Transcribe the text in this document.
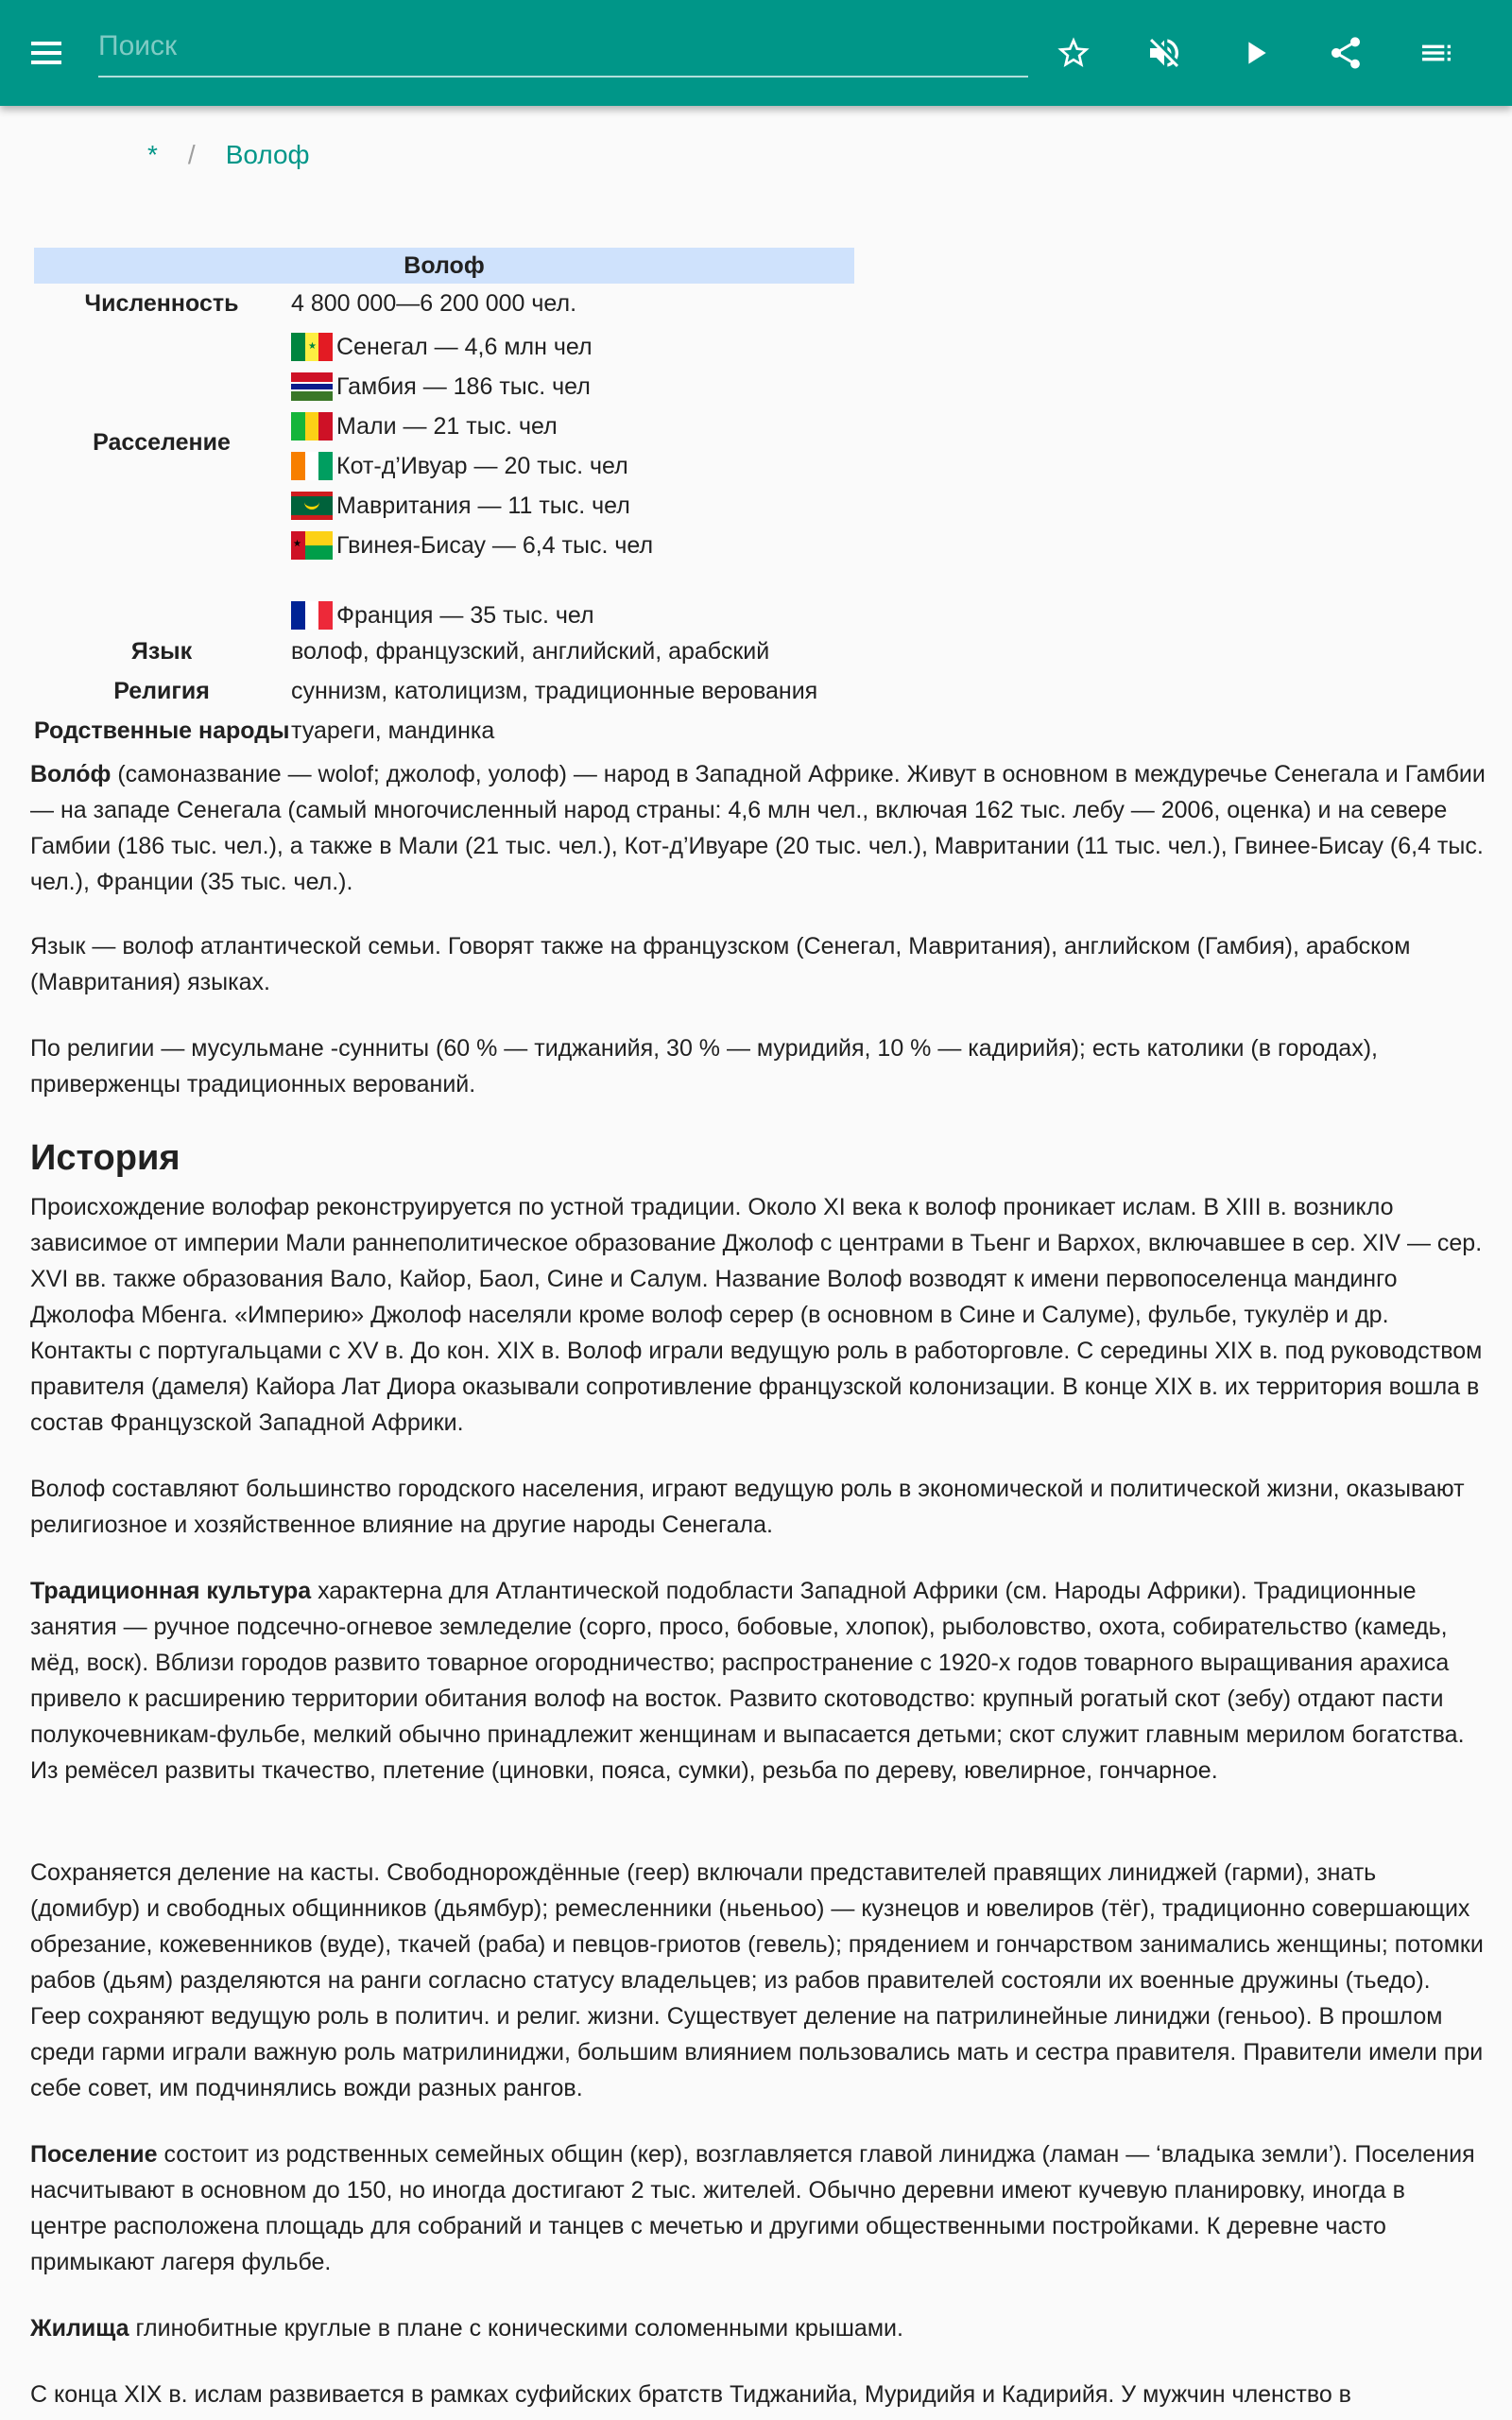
Поиск
* / Волоф
Волоф
Численность	4 800 000—6 200 000 чел.
Расселение
★ Сенегал — 4,6 млн чел
Гамбия — 186 тыс. чел
Мали — 21 тыс. чел
Кот-д’Ивуар — 20 тыс. чел
Мавритания — 11 тыс. чел
★ Гвинея-Бисау — 6,4 тыс. чел
Франция — 35 тыс. чел
Язык	волоф, французский, английский, арабский
Религия	суннизм, католицизм, традиционные верования
Родственные народы туареги, мандинка

Воло́ф (самоназвание — wolof; джолоф, уолоф) — народ в Западной Африке. Живут в основном в междуречье Сенегала и Гамбии — на западе Сенегала (самый многочисленный народ страны: 4,6 млн чел., включая 162 тыс. лебу — 2006, оценка) и на севере Гамбии (186 тыс. чел.), а также в Мали (21 тыс. чел.), Кот-д’Ивуаре (20 тыс. чел.), Мавритании (11 тыс. чел.), Гвинее-Бисау (6,4 тыс. чел.), Франции (35 тыс. чел.).

Язык — волоф атлантической семьи. Говорят также на французском (Сенегал, Мавритания), английском (Гамбия), арабском (Мавритания) языках.

По религии — мусульмане -сунниты (60 % — тиджанийя, 30 % — муридийя, 10 % — кадирийя); есть католики (в городах), приверженцы традиционных верований.

История

Происхождение волофар реконструируется по устной традиции. Около XI века к волоф проникает ислам. В XIII в. возникло зависимое от империи Мали раннеполитическое образование Джолоф с центрами в Тьенг и Вархох, включавшее в сер. XIV — сер. XVI вв. также образования Вало, Кайор, Баол, Сине и Салум. Название Волоф возводят к имени первопоселенца мандинго Джолофа Мбенга. «Империю» Джолоф населяли кроме волоф серер (в основном в Сине и Салуме), фульбе, тукулёр и др. Контакты с португальцами с XV в. До кон. XIX в. Волоф играли ведущую роль в работорговле. С середины XIX в. под руководством правителя (дамеля) Кайора Лат Диора оказывали сопротивление французской колонизации. В конце XIX в. их территория вошла в состав Французской Западной Африки.

Волоф составляют большинство городского населения, играют ведущую роль в экономической и политической жизни, оказывают религиозное и хозяйственное влияние на другие народы Сенегала.

Традиционная культура характерна для Атлантической подобласти Западной Африки (см. Народы Африки). Традиционные занятия — ручное подсечно-огневое земледелие (сорго, просо, бобовые, хлопок), рыболовство, охота, собирательство (камедь, мёд, воск). Вблизи городов развито товарное огородничество; распространение с 1920-х годов товарного выращивания арахиса привело к расширению территории обитания волоф на восток. Развито скотоводство: крупный рогатый скот (зебу) отдают пасти полукочевникам-фульбе, мелкий обычно принадлежит женщинам и выпасается детьми; скот служит главным мерилом богатства. Из ремёсел развиты ткачество, плетение (циновки, пояса, сумки), резьба по дереву, ювелирное, гончарное.

Сохраняется деление на касты. Свободнорождённые (геер) включали представителей правящих линиджей (гарми), знать (домибур) и свободных общинников (дьямбур); ремесленники (ньеньоо) — кузнецов и ювелиров (тёг), традиционно совершающих обрезание, кожевенников (вуде), ткачей (раба) и певцов-гриотов (гевель); прядением и гончарством занимались женщины; потомки рабов (дьям) разделяются на ранги согласно статусу владельцев; из рабов правителей состояли их военные дружины (тьедо). Геер сохраняют ведущую роль в политич. и религ. жизни. Существует деление на патрилинейные линиджи (геньоо). В прошлом среди гарми играли важную роль матрилиниджи, большим влиянием пользовались мать и сестра правителя. Правители имели при себе совет, им подчинялись вожди разных рангов.

Поселение состоит из родственных семейных общин (кер), возглавляется главой линиджа (ламан — ‘владыка земли’). Поселения насчитывают в основном до 150, но иногда достигают 2 тыс. жителей. Обычно деревни имеют кучевую планировку, иногда в центре расположена площадь для собраний и танцев с мечетью и другими общественными постройками. К деревне часто примыкают лагеря фульбе.

Жилища глинобитные круглые в плане с коническими соломенными крышами.

С конца XIX в. ислам развивается в рамках суфийских братств Тиджанийа, Муридийя и Кадирийя. У мужчин членство в
